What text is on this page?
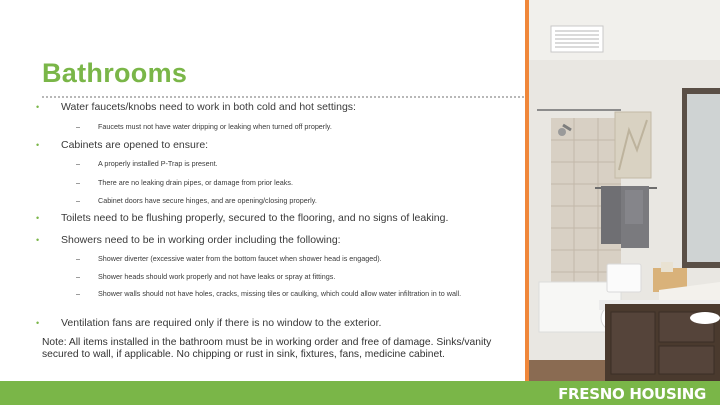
Bathrooms
• Water faucets/knobs need to work in both cold and hot settings:
–	Faucets must not have water dripping or leaking when turned off properly.
• Cabinets are opened to ensure:
–	A properly installed P-Trap is present.
–	There are no leaking drain pipes, or damage from prior leaks.
–	Cabinet doors have secure hinges, and are opening/closing properly.
• Toilets need to be flushing properly, secured to the flooring, and no signs of leaking.
• Showers need to be in working order including the following:
–	Shower diverter (excessive water from the bottom faucet when shower head is engaged).
–	Shower heads should work properly and not have leaks or spray at fittings.
–	Shower walls should not have holes, cracks, missing tiles or caulking, which could allow water infiltration in to wall.
• Ventilation fans are required only if there is no window to the exterior.
Note: All items installed in the bathroom must be in working order and free of damage. Sinks/vanity secured to wall, if applicable. No chipping or rust in sink, fixtures, fans, medicine cabinet.
FRESNO HOUSING
